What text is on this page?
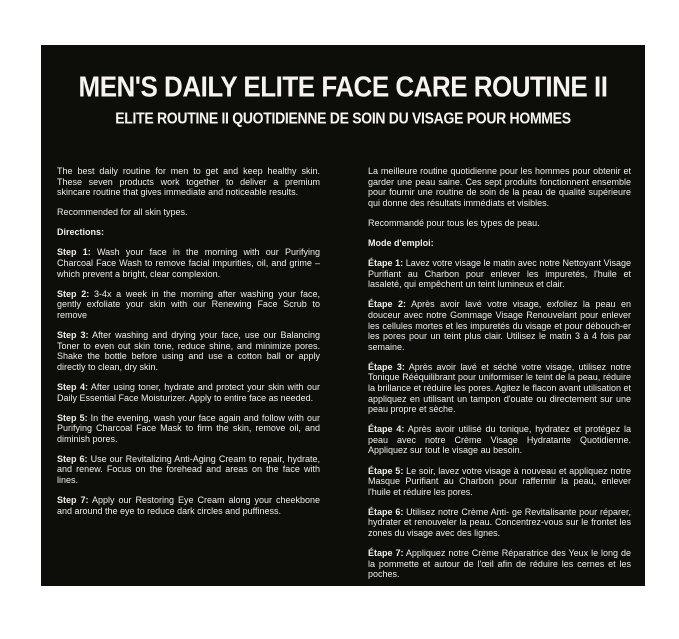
MEN'S DAILY ELITE FACE CARE ROUTINE II
ELITE ROUTINE II QUOTIDIENNE DE SOIN DU VISAGE POUR HOMMES

The best daily routine for men to get and keep healthy skin. These seven products work together to deliver a premium skincare routine that gives immediate and noticeable results.

Recommended for all skin types.

Directions:

Step 1: Wash your face in the morning with our Purifying Charcoal Face Wash to remove facial impurities, oil, and grime – which prevent a bright, clear complexion.

Step 2: 3-4x a week in the morning after washing your face, gently exfoliate your skin with our Renewing Face Scrub to remove

Step 3: After washing and drying your face, use our Balancing Toner to even out skin tone, reduce shine, and minimize pores. Shake the bottle before using and use a cotton ball or apply directly to clean, dry skin.

Step 4: After using toner, hydrate and protect your skin with our Daily Essential Face Moisturizer. Apply to entire face as needed.

Step 5: In the evening, wash your face again and follow with our Purifying Charcoal Face Mask to firm the skin, remove oil, and diminish pores.

Step 6: Use our Revitalizing Anti-Aging Cream to repair, hydrate, and renew. Focus on the forehead and areas on the face with lines.

Step 7: Apply our Restoring Eye Cream along your cheekbone and around the eye to reduce dark circles and puffiness.

La meilleure routine quotidienne pour les hommes pour obtenir et garder une peau saine. Ces sept produits fonctionnent ensemble pour fournir une routine de soin de la peau de qualité supérieure qui donne des résultats immédiats et visibles.

Recommandé pour tous les types de peau.

Mode d'emploi:

Étape 1: Lavez votre visage le matin avec notre Nettoyant Visage Purifiant au Charbon pour enlever les impuretés, l'huile et lasaleté, qui empêchent un teint lumineux et clair.

Étape 2: Après avoir lavé votre visage, exfoliez la peau en douceur avec notre Gommage Visage Renouvelant pour enlever les cellules mortes et les impuretés du visage et pour débouch-er les pores pour un teint plus clair. Utilisez le matin 3 à 4 fois par semaine.

Étape 3: Après avoir lavé et séché votre visage, utilisez notre Tonique Rééquilibrant pour uniformiser le teint de la peau, réduire la brillance et réduire les pores. Agitez le flacon avant utilisation et appliquez en utilisant un tampon d'ouate ou directement sur une peau propre et sèche.

Étape 4: Après avoir utilisé du tonique, hydratez et protégez la peau avec notre Crème Visage Hydratante Quotidienne. Appliquez sur tout le visage au besoin.

Étape 5: Le soir, lavez votre visage à nouveau et appliquez notre Masque Purifiant au Charbon pour raffermir la peau, enlever l'huile et réduire les pores.

Étape 6: Utilisez notre Crème Anti- ge Revitalisante pour réparer, hydrater et renouveler la peau. Concentrez-vous sur le frontet les zones du visage avec des lignes.

Étape 7: Appliquez notre Crème Réparatrice des Yeux le long de la pommette et autour de l'œil afin de réduire les cernes et les poches.
